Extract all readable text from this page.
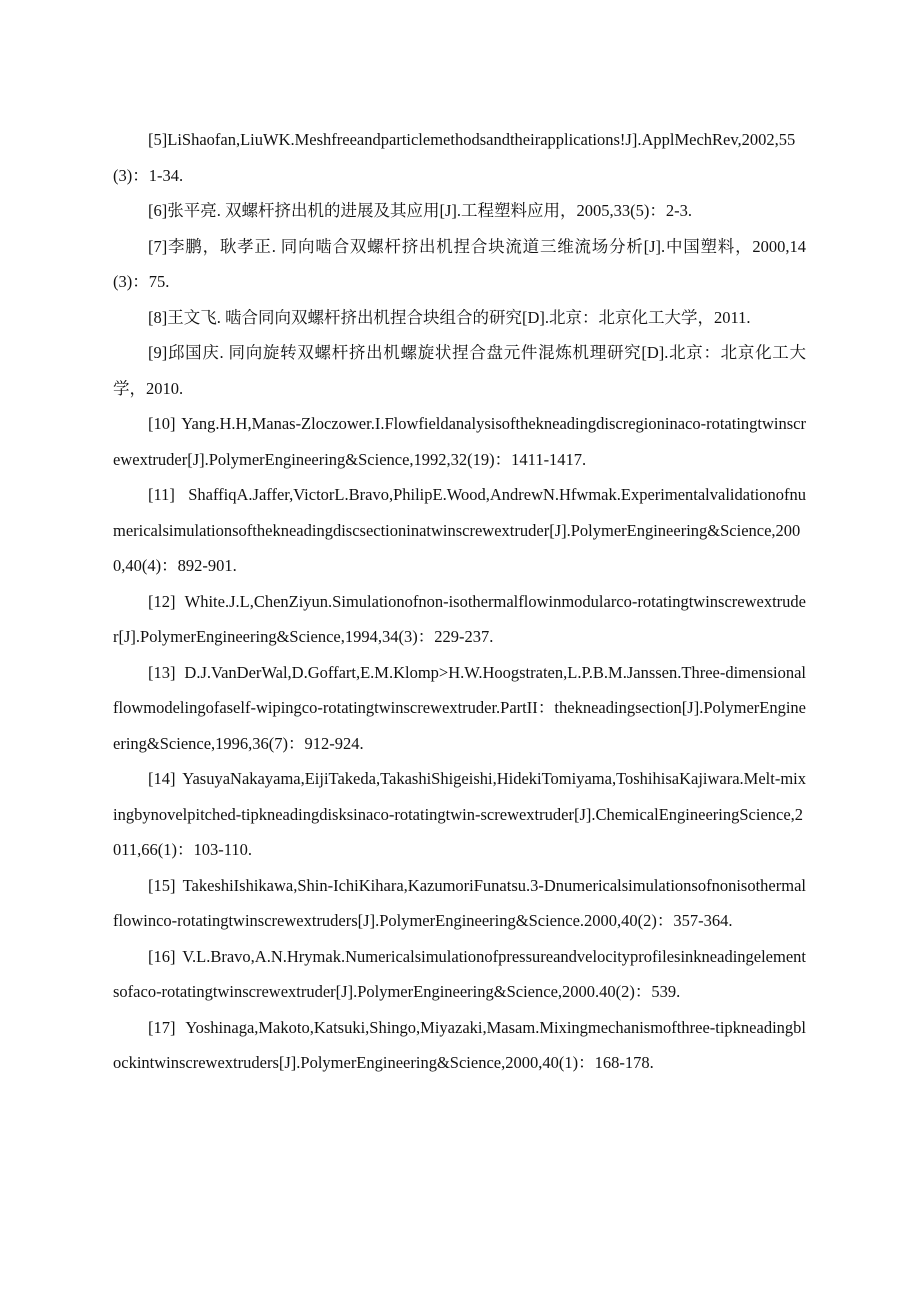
[5]LiShaofan,LiuWK.Meshfreeandparticlemethodsandtheirapplications!J].ApplMechRev,2002,55(3)：1-34.

[6]张平亮. 双螺杆挤出机的进展及其应用[J].工程塑料应用，2005,33(5)：2-3.

[7]李鹏，耿孝正. 同向啮合双螺杆挤出机捏合块流道三维流场分析[J].中国塑料，2000,14(3)：75.

[8]王文飞. 啮合同向双螺杆挤出机捏合块组合的研究[D].北京：北京化工大学，2011.

[9]邱国庆. 同向旋转双螺杆挤出机螺旋状捏合盘元件混炼机理研究[D].北京：北京化工大学，2010.

[10] Yang.H.H,Manas-Zloczower.I.Flowfieldanalysisofthekneadingdiscregioninaco-rotatingtwinscrewextruder[J].PolymerEngineering&Science,1992,32(19)：1411-1417.

[11] ShaffiqA.Jaffer,VictorL.Bravo,PhilipE.Wood,AndrewN.Hfwmak.Experimentalvalidationofnumericalsimulationsofthekneadingdiscsectioninatwinscrewextruder[J].PolymerEngineering&Science,2000,40(4)：892-901.

[12] White.J.L,ChenZiyun.Simulationofnon-isothermalflowinmodularco-rotatingtwinscrewextruder[J].PolymerEngineering&Science,1994,34(3)：229-237.

[13] D.J.VanDerWal,D.Goffart,E.M.Klomp>H.W.Hoogstraten,L.P.B.M.Janssen.Three-dimensionalflowmodelingofaself-wipingco-rotatingtwinscrewextruder.PartII：thekneadingsection[J].PolymerEngineering&Science,1996,36(7)：912-924.

[14] YasuyaNakayama,EijiTakeda,TakashiShigeishi,HidekiTomiyama,ToshihisaKajiwara.Melt-mixingbynovelpitched-tipkneadingdisksinaco-rotatingtwin-screwextruder[J].ChemicalEngineeringScience,2011,66(1)：103-110.

[15] TakeshiIshikawa,Shin-IchiKihara,KazumoriFunatsu.3-Dnumericalsimulationsofnonisothermalflowinco-rotatingtwinscrewextruders[J].PolymerEngineering&Science.2000,40(2)：357-364.

[16] V.L.Bravo,A.N.Hrymak.Numericalsimulationofpressureandvelocityprofilesinkneadingelementsofaco-rotatingtwinscrewextruder[J].PolymerEngineering&Science,2000.40(2)：539.

[17] Yoshinaga,Makoto,Katsuki,Shingo,Miyazaki,Masam.Mixingmechanismofthree-tipkneadingblockintwinscrewextruders[J].PolymerEngineering&Science,2000,40(1)：168-178.
